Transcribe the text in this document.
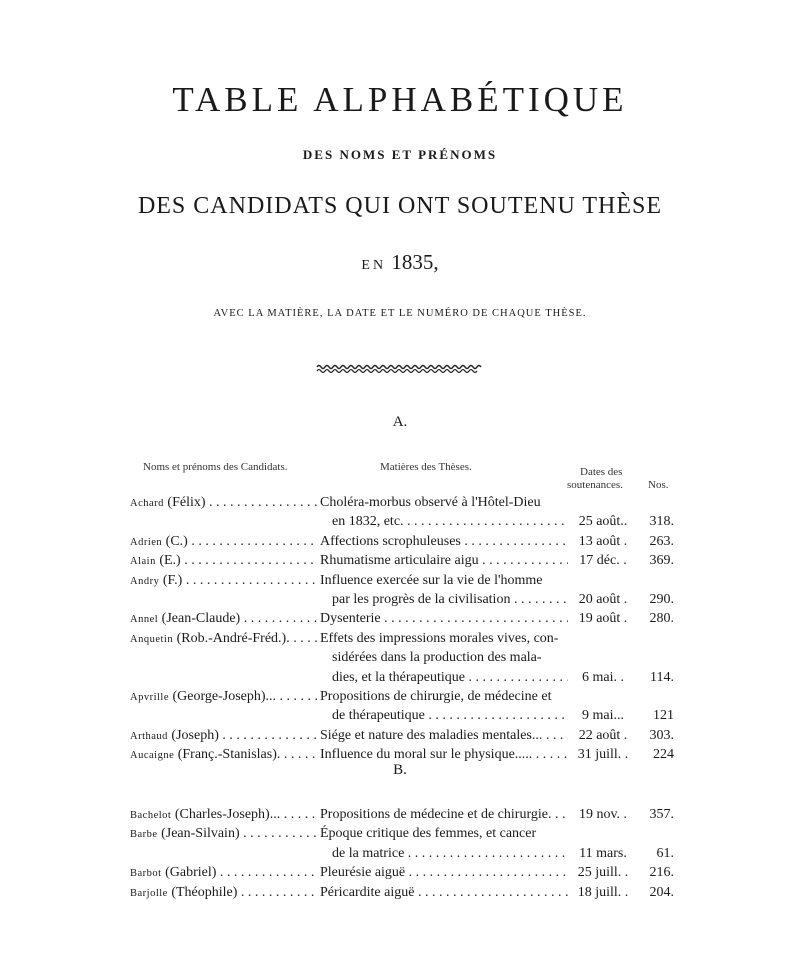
TABLE ALPHABÉTIQUE
DES NOMS ET PRÉNOMS
DES CANDIDATS QUI ONT SOUTENU THÈSE
EN 1835,
AVEC LA MATIÈRE, LA DATE ET LE NUMÉRO DE CHAQUE THÈSE.
A.
Noms et prénoms des Candidats.	Matières des Thèses.	Dates des
soutenances. Nos.
Achard (Félix) . . .	Choléra-morbus observé à l'Hôtel-Dieu
en 1832, etc. . . .	25 août..	318.
Adrien (C.) . . .	Affections scrophuleuses . . .	13 août .	263.
Alain (E.) . . .	Rhumatisme articulaire aigu . . .	17 déc. .	369.
Andry (F.) . . .	Influence exercée sur la vie de l'homme
par les progrès de la civilisation . . .	20 août .	290.
Annel (Jean-Claude) . . .	Dysenterie . . .	19 août .	280.
Anquetin (Rob.-André-Fréd.). . . .	Effets des impressions morales vives, con-
sidérées dans la production des mala-
dies, et la thérapeutique . . .	6 mai. .	114.
Apvrille (George-Joseph)... . . .	Propositions de chirurgie, de médecine et
de thérapeutique . . .	9 mai...	121
Arthaud (Joseph) . . .	Siége et nature des maladies mentales... . . .	22 août .	303.
Aucaigne (Franç.-Stanislas). . . .	Influence du moral sur le physique..... . . .	31 juill. .	224
B.
Bachelot (Charles-Joseph)... . . .	Propositions de médecine et de chirurgie. . . .	19 nov. .	357.
Barbe (Jean-Silvain) . . .	Époque critique des femmes, et cancer
de la matrice . . .	11 mars.	61.
Barbot (Gabriel) . . .	Pleurésie aiguë . . .	25 juill. .	216.
Barjolle (Théophile) . . .	Péricardite aiguë . . .	18 juill. .	204.
